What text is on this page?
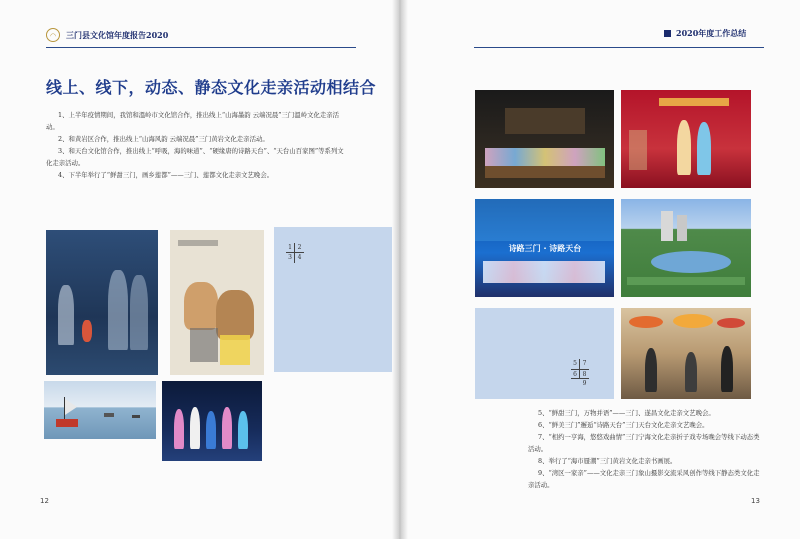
◠	三门县文化馆年度报告2020
线上、线下，动态、静态文化走亲活动相结合

1、上半年疫情期间，我馆和溫岭市文化馆合作，推出线上“山海墨韵 云端况晨”三门溫岭文化走亲活动。

2、和黄岩区合作，推出线上“山海风韵 云端况晨”三门黄岩文化走亲活动。

3、和天台文化馆合作，推出线上“呼吸，海的味道”、“硬缘唐的诗路天台”、“天台山百家图”等系列文化走亲活动。

4、下半年举行了“鲜甜三门，画乡莲都”——三门、莲都文化走亲文艺晚会。

1 2
3 4
12
2020年度工作总结
诗路三门 · 诗路天台
5 7
6 8
9

5、“鲜甜三门，万物并语”——三门、遂昌文化走亲文艺晚会。

6、“鲜美三门”邂逅“诗路天台”三门天台文化走亲文艺晚会。

7、“相约一亨海，悠悠戏曲情”三门宁海文化走亲折子戏专场晚会等线下动态类活动。

8、举行了“海市蜃潮”三门黄岩文化走亲书画展。

9、“湾区一家亲”——文化走亲三门象山摄影交流采风创作等线下静态类文化走亲活动。

13
